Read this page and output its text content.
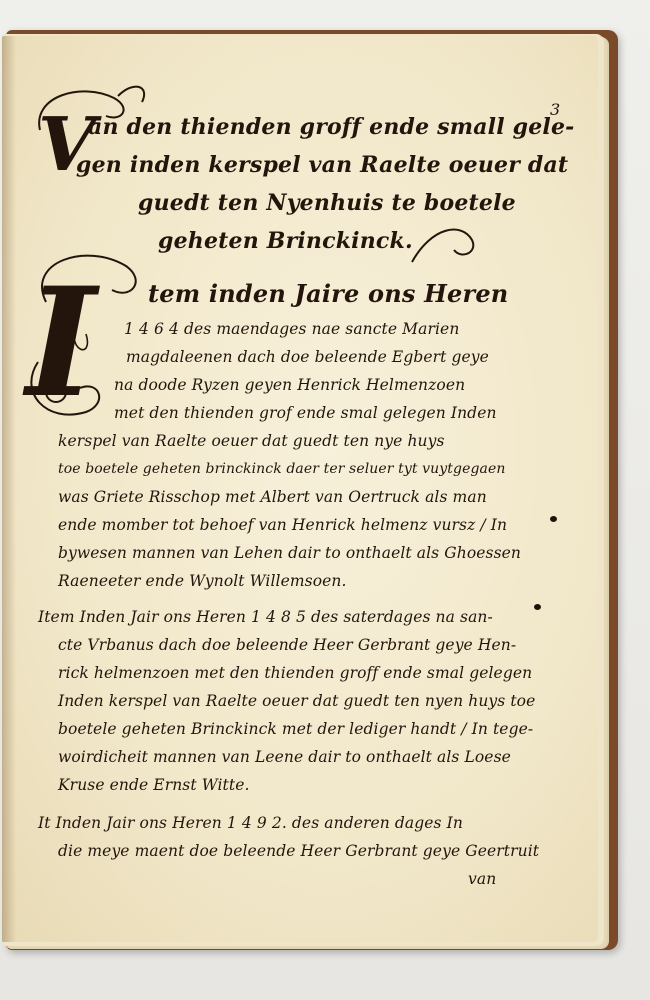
3
V
an den thienden groff ende small gele-
gen inden kerspel van Raelte oeuer dat
guedt ten Nyenhuis te boetele
geheten Brinckinck.
I tem inden Jaire ons Heren
1 4 6 4 des maendages nae sancte Marien
magdaleenen dach doe beleende Egbert geye
na doode Ryzen geyen Henrick Helmenzoen
met den thienden grof ende smal gelegen Inden
kerspel van Raelte oeuer dat guedt ten nye huys
toe boetele geheten brinckinck daer ter seluer tyt vuytgegaen
was Griete Risschop met Albert van Oertruck als man
ende momber tot behoef van Henrick helmenz vursz / In
bywesen mannen van Lehen dair to onthaelt als Ghoessen
Raeneeter ende Wynolt Willemsoen.
Item Inden Jair ons Heren 1 4 8 5 des saterdages na san-
cte Vrbanus dach doe beleende Heer Gerbrant geye Hen-
rick helmenzoen met den thienden groff ende smal gelegen
Inden kerspel van Raelte oeuer dat guedt ten nyen huys toe
boetele geheten Brinckinck met der lediger handt / In tege-
woirdicheit mannen van Leene dair to onthaelt als Loese
Kruse ende Ernst Witte.
It Inden Jair ons Heren 1 4 9 2. des anderen dages In
die meye maent doe beleende Heer Gerbrant geye Geertruit
van
